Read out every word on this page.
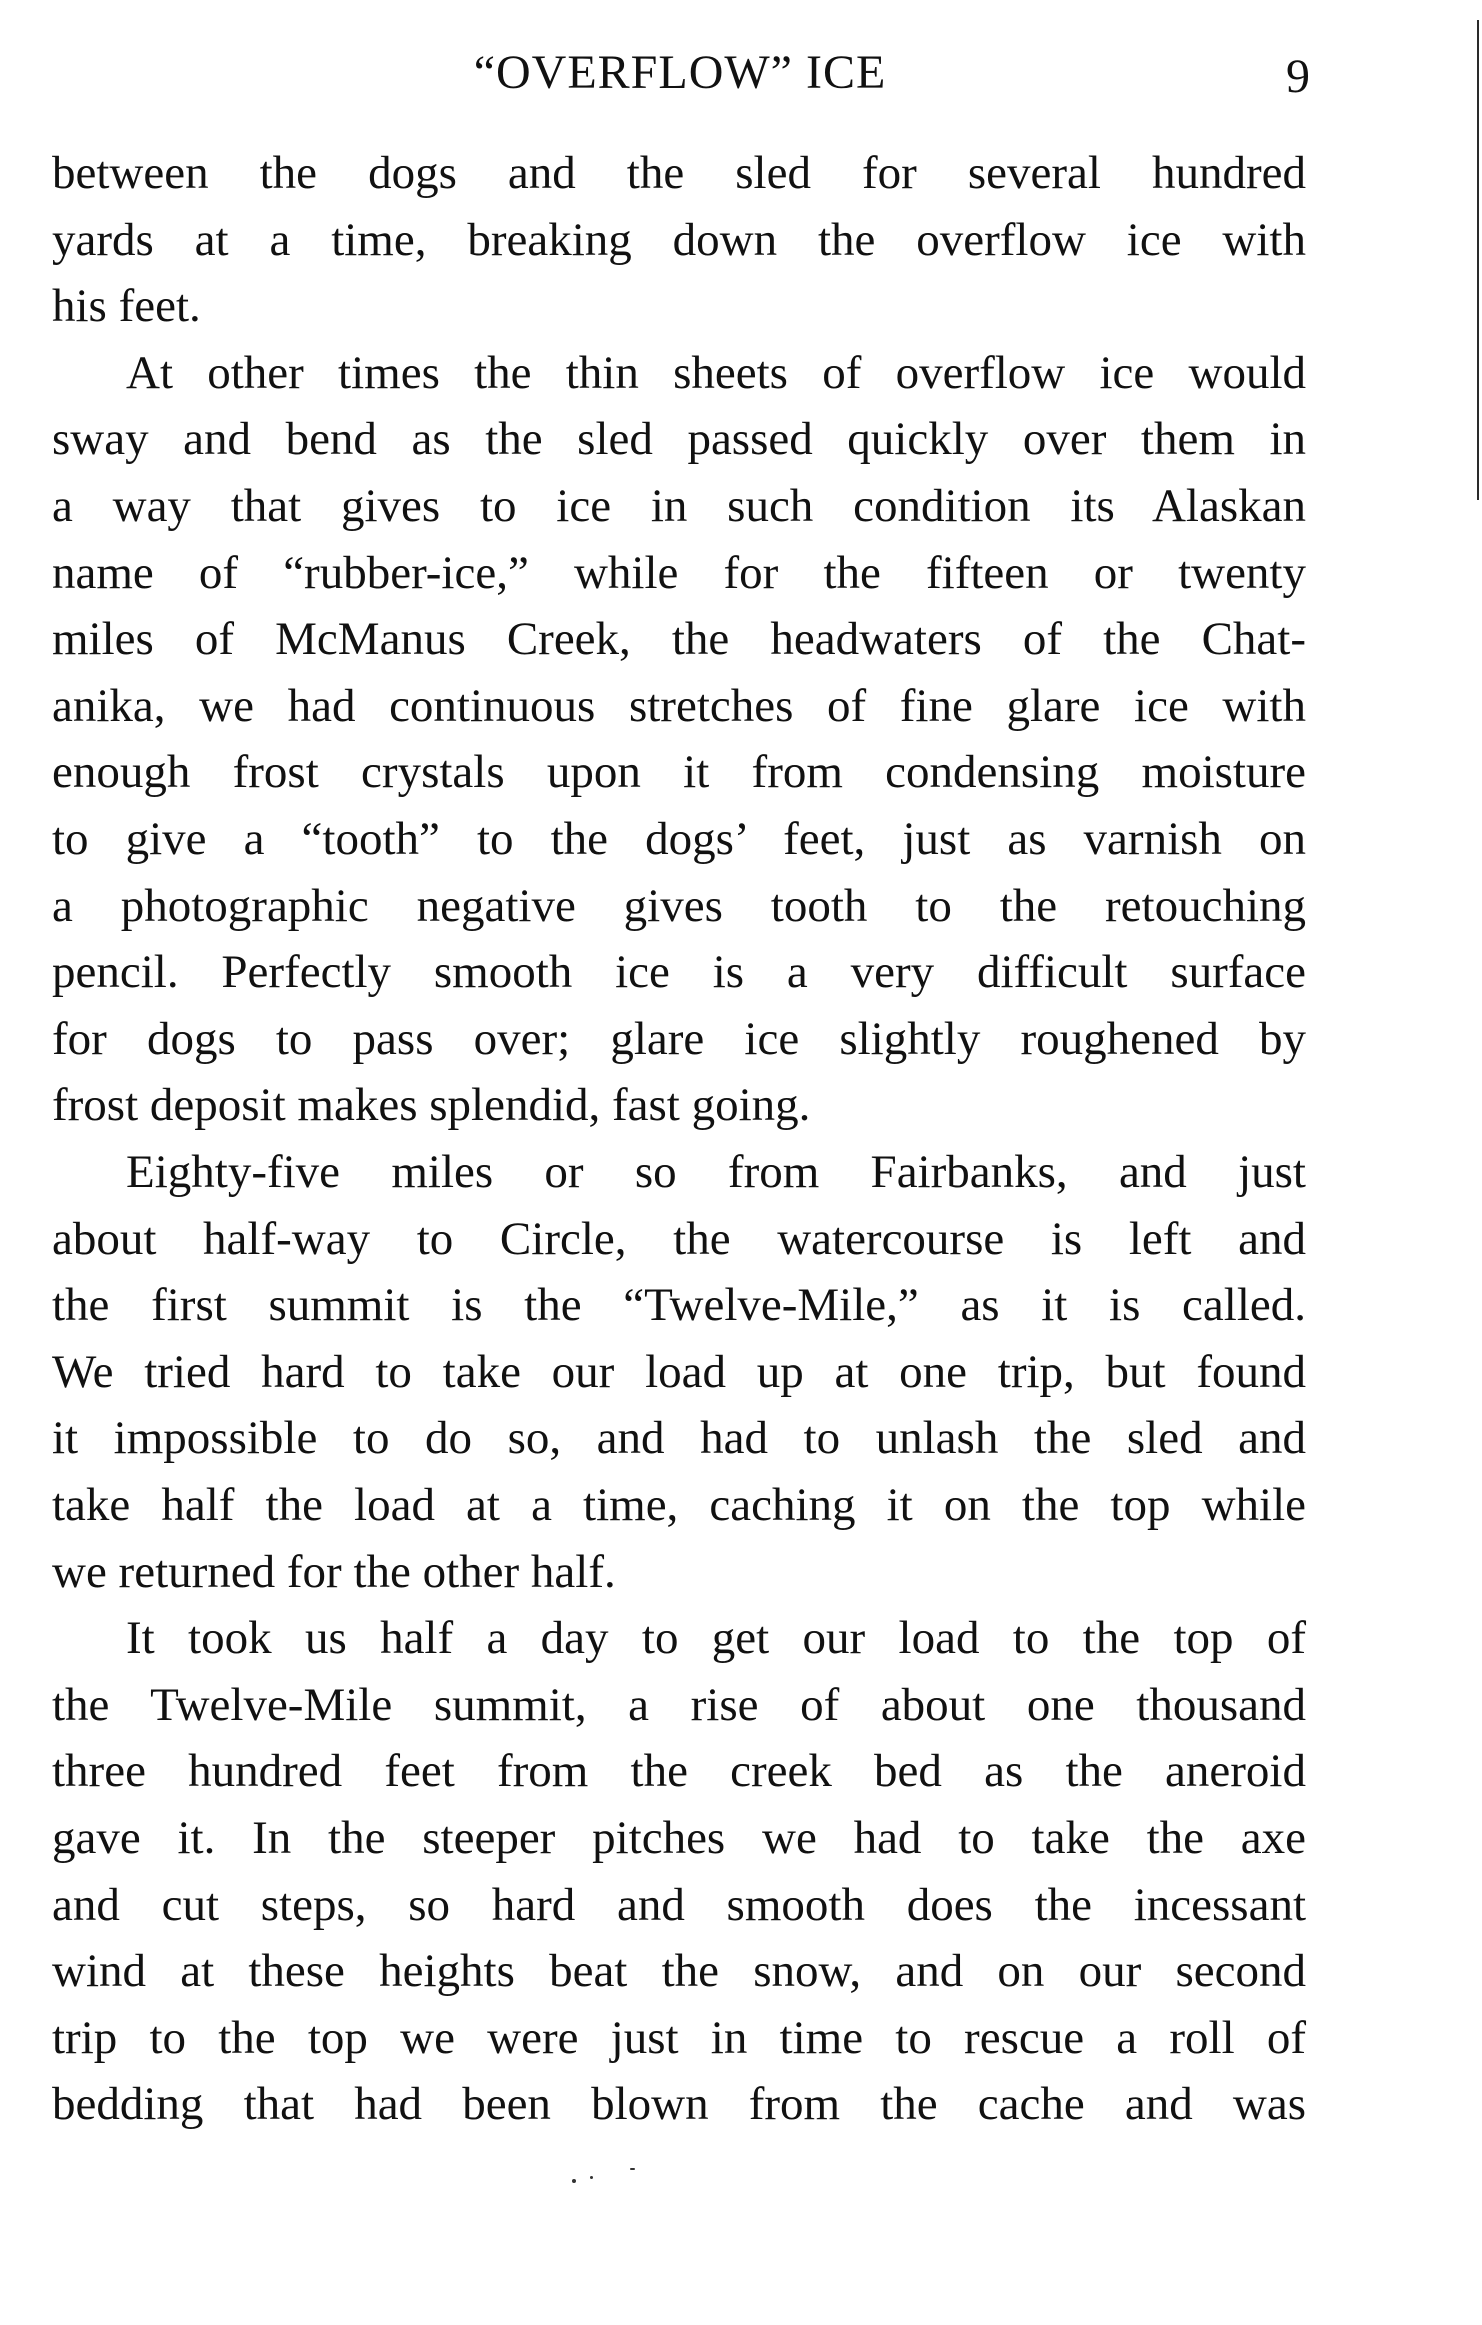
“OVERFLOW” ICE	9
between the dogs and the sled for several hundred
yards at a time, breaking down the overflow ice with
his feet.
At other times the thin sheets of overflow ice would
sway and bend as the sled passed quickly over them in
a way that gives to ice in such condition its Alaskan
name of “rubber-ice,” while for the fifteen or twenty
miles of McManus Creek, the headwaters of the Chat-
anika, we had continuous stretches of fine glare ice with
enough frost crystals upon it from condensing moisture
to give a “tooth” to the dogs’ feet, just as varnish on
a photographic negative gives tooth to the retouching
pencil. Perfectly smooth ice is a very difficult surface
for dogs to pass over; glare ice slightly roughened by
frost deposit makes splendid, fast going.
Eighty-five miles or so from Fairbanks, and just
about half-way to Circle, the watercourse is left and
the first summit is the “Twelve-Mile,” as it is called.
We tried hard to take our load up at one trip, but found
it impossible to do so, and had to unlash the sled and
take half the load at a time, caching it on the top while
we returned for the other half.
It took us half a day to get our load to the top of
the Twelve-Mile summit, a rise of about one thousand
three hundred feet from the creek bed as the aneroid
gave it. In the steeper pitches we had to take the axe
and cut steps, so hard and smooth does the incessant
wind at these heights beat the snow, and on our second
trip to the top we were just in time to rescue a roll of
bedding that had been blown from the cache and was
